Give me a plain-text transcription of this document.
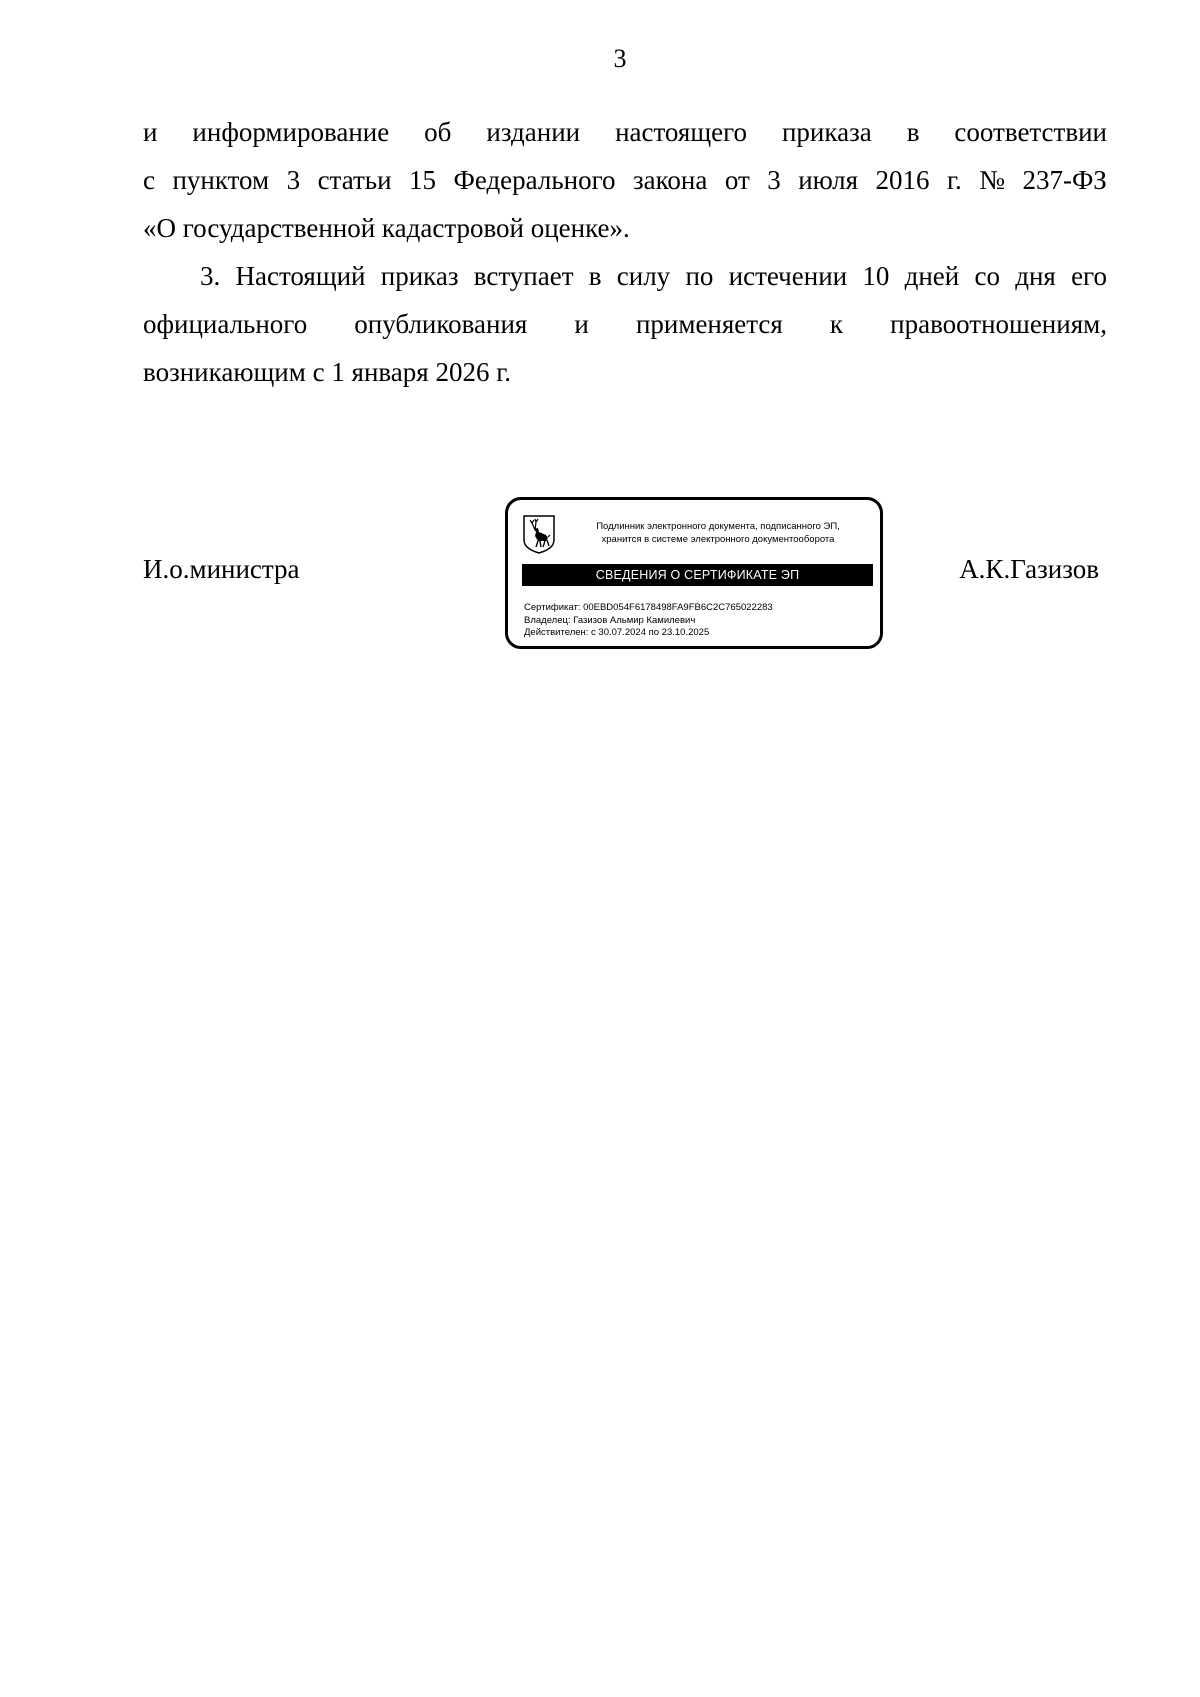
3
и информирование об издании настоящего приказа в соответствии
с пунктом 3 статьи 15 Федерального закона от 3 июля 2016 г. № 237-ФЗ
«О государственной кадастровой оценке».
3. Настоящий приказ вступает в силу по истечении 10 дней со дня его
официального опубликования и применяется к правоотношениям,
возникающим с 1 января 2026 г.
И.о.министра
Подлинник электронного документа, подписанного ЭП,
хранится в системе электронного документооборота
СВЕДЕНИЯ О СЕРТИФИКАТЕ ЭП
Сертификат: 00EBD054F6178498FA9FB6C2C765022283
Владелец: Газизов Альмир Камилевич
Действителен: с 30.07.2024 по 23.10.2025
А.К.Газизов
